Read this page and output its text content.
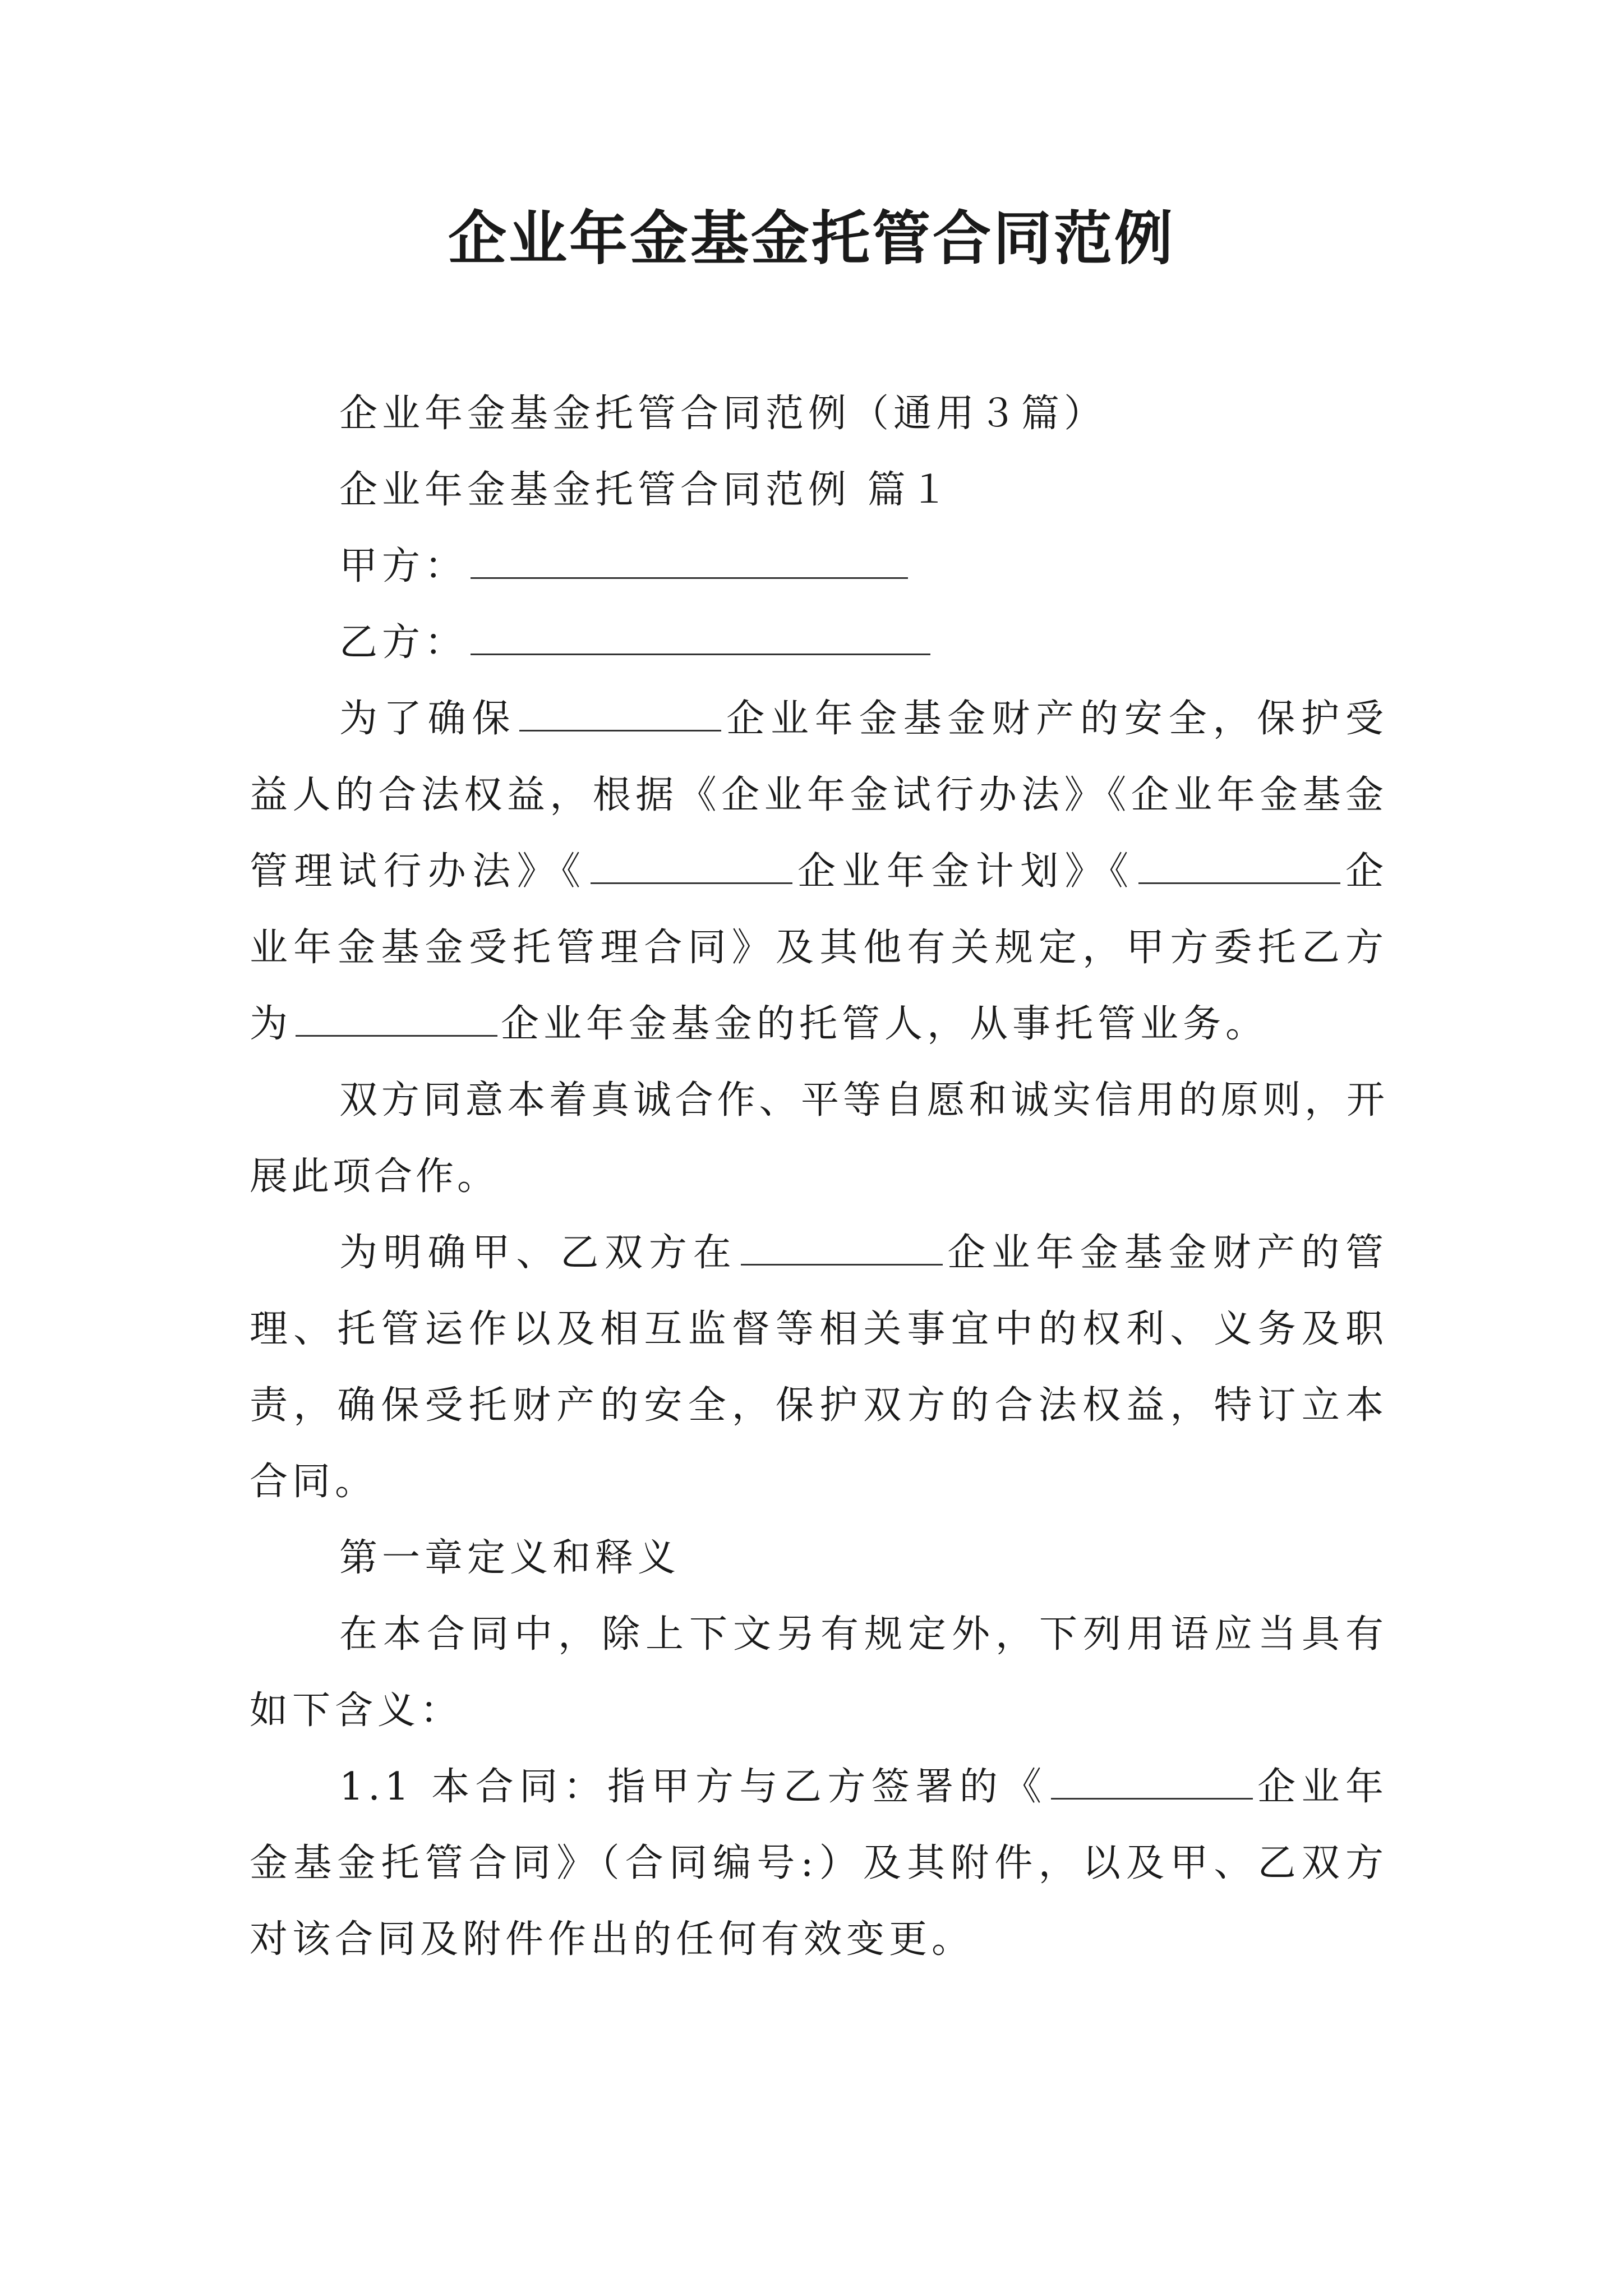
企业年金基金托管合同范例

企业年金基金托管合同范例（通用３篇）

企业年金基金托管合同范例 篇１

甲方：

乙方：

为了确保	企业年金基金财产的安全，保护受益人的合法权益，根据《企业年金试行办法》《企业年金基金管理试行办法》《	企业年金计划》《	企业年金基金受托管理合同》及其他有关规定，甲方委托乙方为	企业年金基金的托管人，从事托管业务。

双方同意本着真诚合作、平等自愿和诚实信用的原则，开展此项合作。

为明确甲、乙双方在	企业年金基金财产的管理、托管运作以及相互监督等相关事宜中的权利、义务及职责，确保受托财产的安全，保护双方的合法权益，特订立本合同。

第一章定义和释义

在本合同中，除上下文另有规定外，下列用语应当具有如下含义：

1.1 本合同：指甲方与乙方签署的《	企业年金基金托管合同》（合同编号:）及其附件，以及甲、乙双方对该合同及附件作出的任何有效变更。
